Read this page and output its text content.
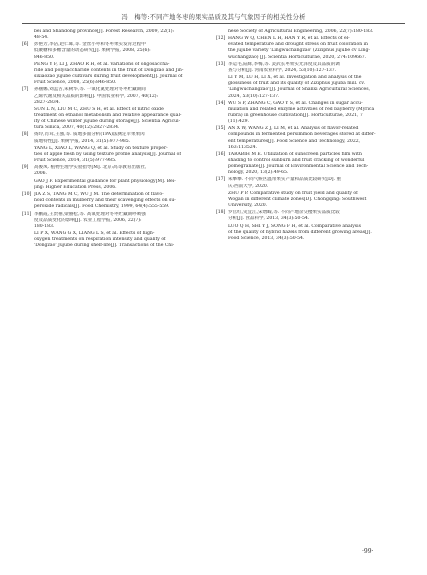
冯　梅等:不同产地冬枣的果实品质及其与气象因子的相关性分析
bei and Shandong province[J]. Forest Research, 2009, 22(1):
48-54.
[6] 彭艳芳,李洁,赵仁晖,等. 金丝小枣和冬枣果实发育过程中
低聚糖和多糖含量的动态研究[J]. 果树学报, 2008, 25(6):
846-850.
PENG Y F, LI J, ZHAO R H, et al. Variations of oligosaccha-
ride and polysaccharide contents in the fruit of Dongzao and Jin-
sixiaozao jujube cultivars during fruit development[J]. Journal of
Fruit Science, 2008, 25(6):846-850.
[7] 孙丽娜,刘孟古,朱树华,等. 一氧化氮处理对冬枣贮藏期间
乙烯代谢及相关品质的影响[J]. 中国农业科学, 2007, 40(12):
2827-2834.
SUN L N, LIU M C, ZHU S H, et al. Effect of nitric oxide
treatment on ethanol metabolism and relative appearance qual-
ity of Chinese winter jujube during storage[J]. Scientia Agricul-
tura Sinica, 2007, 40(12):2827-2834.
[8] 扬玲,肖茸,王强,等. 质地多面分析(TPA)法测定苹果果肉
质地特性[J]. 果树学报, 2014, 31(5):977-985.
YANG L, XIAO L, WANG Q, et al. Study on texture proper-
ties of apple flesh by using texture profile analysis[J]. Journal of
Fruit Science, 2014, 31(5):977-985.
[9] 高俊凤. 植物生理学实验指导[M]. 北京:高等教育出版社,
2006.
GAO J F. Experimental guidance for plant physiology[M]. Bei-
jing: Higher Education Press, 2006.
[10] JIA Z S, TANG M C, WU J M. The determination of flavo-
noid contents in mulberry and their scavenging effects on su-
peroxide radicals[J]. Food Chemistry, 1999, 64(4):555-559.
[11] 李鹏霞,王贵禧,梁丽松,等. 高氧处理对冬枣贮藏期呼吸强
度及品质变化的影响[J]. 农业工程学报, 2006, 22(7):
180-183.
LI P X, WANG G X, LIANG L S, et al. Effects of high-
oxygen treatments on respiration intensity and quality of
'Dongzao' Jujube during shelf-life[J]. Transactions of the Chi-
nese Society of Agricultural Engineering, 2006, 22(7):180-183.
[12] HANG W Q, CHEN L H, HAN Y R, et al. Effects of el-
evated temperature and drought stress on fruit coloration in
the jujube variety 'Lingwuchangzao' (Ziziphus jujube cv Ling-
wuchangzao) [J]. Scientia Horticulturae, 2020, 274:109667.
[13] 李运毛,陆辉,李梅,等. 灵武长枣果实光泽度及其品质的调
查与分析[J]. 河南农业科学, 2024, 53(10):127-137.
LI Y M, LU H, LI X, et al. Investigation and analysis of the
glossiness of fruit and its quality of Ziziphus jujuba mill. cv.
'Lingwuchangzao'[J]. Journal of Shanxi Agricultural Sciences,
2024, 53(10):127-137.
[14] WU S P, ZHANG C, GAO Y S, et al. Changes in sugar accu-
mulation and related enzyme activities of red bayberry (Myrica
rubra) in greenhouse cultivation[J]. Horticulturae, 2021, 7
(11):429.
[15] AN X W, WANG Z J, LI M, et al. Analysis of flavor-related
compounds in fermented persimmon beverages stored at differ-
ent temperatures[J]. Food Science and Technology, 2022,
163:113524.
[16] TARABIH M E. Utilization of sunscreen particles film with
shading to control sunburn and fruit cracking of wonderful
pomegranate[J]. Journal of Environmental Science and Tech-
nology, 2020, 13(2):49-65.
[17] 朱攀攀. 不同气候区温带果实产量和品质比较研究[D]. 重
庆:西南大学, 2020.
ZHU P P. Comparative study on fruit yield and quality of
Wogan in different climate zones[D]. Chongqing: Southwest
University, 2020.
[18] 罗官红,史宜江,宋增嵘,等. 不同产地杂交樱果实品质比较
分析[J]. 食品科学, 2013, 34(3):50-54.
LUO Q H, SHI Y J, SONG F H, et al. Comparative analysis
of the quality of hybrid hazels from different growing areas[J].
Food Science, 2013, 34(3):50-54.
·99·
